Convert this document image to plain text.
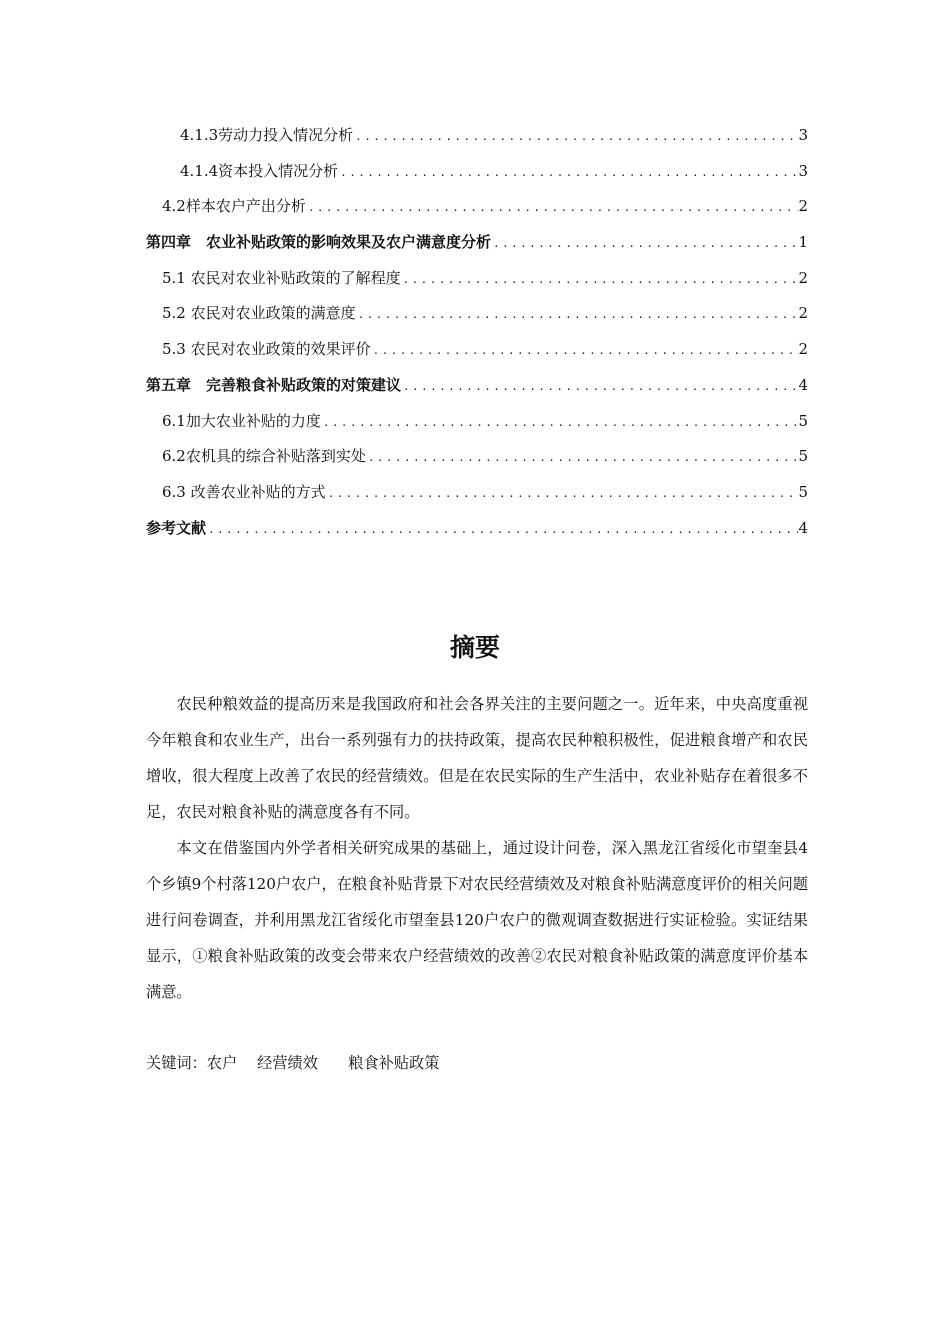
4.1.3劳动力投入情况分析 .....	3
4.1.4资本投入情况分析 .....	3
4.2样本农户产出分析 .....	2
第四章　农业补贴政策的影响效果及农户满意度分析 .....	1
5.1 农民对农业补贴政策的了解程度 .....	2
5.2 农民对农业政策的满意度 .....	2
5.3 农民对农业政策的效果评价 .....	2
第五章　完善粮食补贴政策的对策建议 .....	4
6.1加大农业补贴的力度 .....	5
6.2农机具的综合补贴落到实处 .....	5
6.3 改善农业补贴的方式 .....	5
参考文献 .....	4
摘要

农民种粮效益的提高历来是我国政府和社会各界关注的主要问题之一。近年来，中央高度重视今年粮食和农业生产，出台一系列强有力的扶持政策，提高农民种粮积极性，促进粮食增产和农民增收，很大程度上改善了农民的经营绩效。但是在农民实际的生产生活中，农业补贴存在着很多不足，农民对粮食补贴的满意度各有不同。

本文在借鉴国内外学者相关研究成果的基础上，通过设计问卷，深入黑龙江省绥化市望奎县4个乡镇9个村落120户农户，在粮食补贴背景下对农民经营绩效及对粮食补贴满意度评价的相关问题进行问卷调查，并利用黑龙江省绥化市望奎县120户农户的微观调查数据进行实证检验。实证结果显示，①粮食补贴政策的改变会带来农户经营绩效的改善②农民对粮食补贴政策的满意度评价基本满意。

关键词：农户　 经营绩效　　粮食补贴政策
